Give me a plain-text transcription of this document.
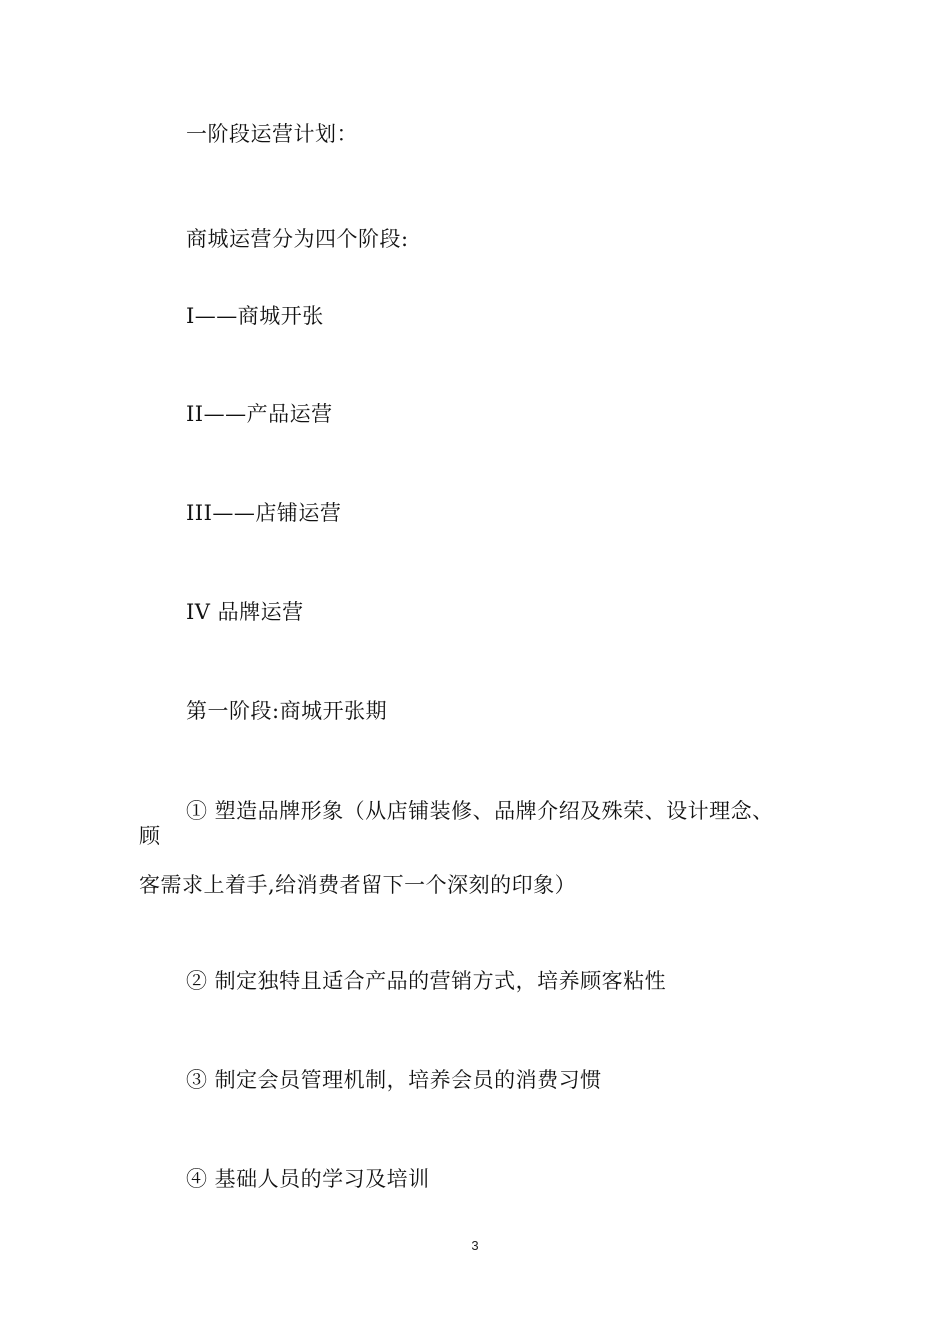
一阶段运营计划：
商城运营分为四个阶段:
I——商城开张
II——产品运营
III——店铺运营
IV 品牌运营
第一阶段:商城开张期
① 塑造品牌形象（从店铺装修、品牌介绍及殊荣、设计理念、
顾
客需求上着手,给消费者留下一个深刻的印象）
② 制定独特且适合产品的营销方式，培养顾客粘性
③ 制定会员管理机制，培养会员的消费习惯
④ 基础人员的学习及培训
3
